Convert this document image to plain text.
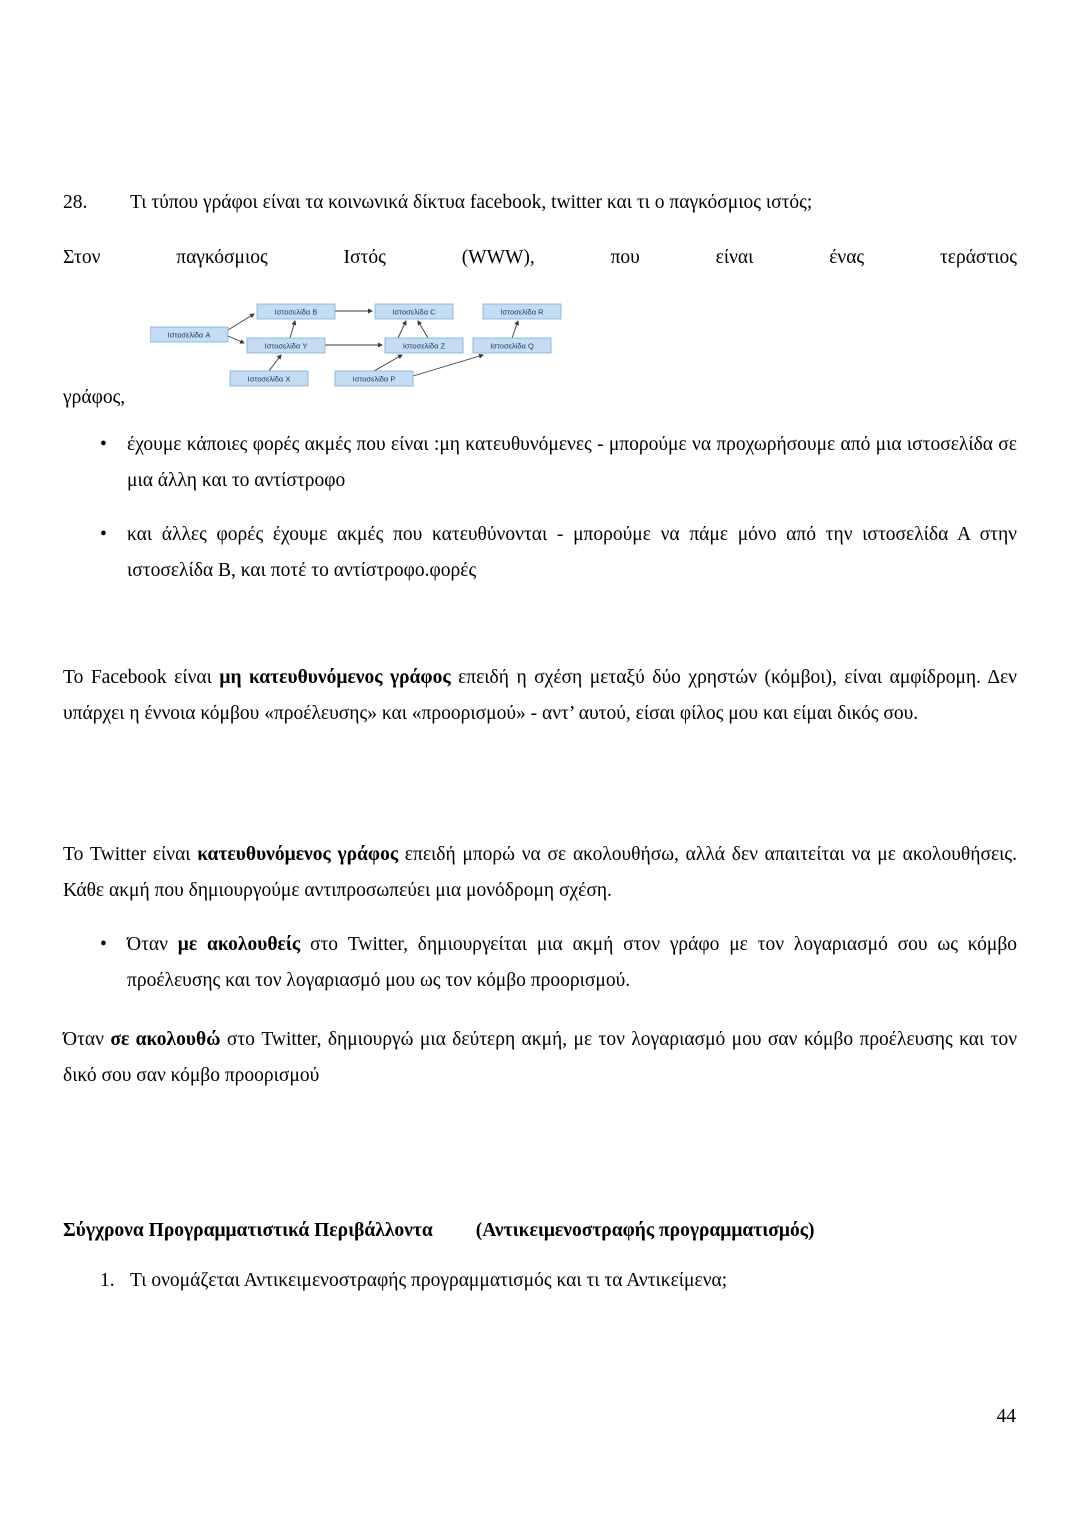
28.	Τι τύπου γράφοι είναι τα κοινωνικά δίκτυα facebook, twitter και τι ο παγκόσμιος ιστός;
Στον παγκόσμιος Ιστός (WWW), που είναι ένας τεράστιος
Ιστοσελίδα A
Ιστοσελίδα B	Ιστοσελίδα C	Ιστοσελίδα R
Ιστοσελίδα Y	Ιστοσελίδα Z	Ιστοσελίδα Q
Ιστοσελίδα X	Ιστοσελίδα P
γράφος,
•	έχουμε κάποιες φορές ακμές που είναι :μη κατευθυνόμενες - μπορούμε να προχωρήσουμε από μια ιστοσελίδα σε μια άλλη και το αντίστροφο
•	και άλλες φορές έχουμε ακμές που κατευθύνονται - μπορούμε να πάμε μόνο από την ιστοσελίδα Α στην ιστοσελίδα Β, και ποτέ το αντίστροφο.φορές
Το Facebook είναι μη κατευθυνόμενος γράφος επειδή η σχέση μεταξύ δύο χρηστών (κόμβοι), είναι αμφίδρομη. Δεν υπάρχει η έννοια κόμβου «προέλευσης» και «προορισμού» - αντ’ αυτού, είσαι φίλος μου και είμαι δικός σου.
Το Twitter είναι κατευθυνόμενος γράφος επειδή μπορώ να σε ακολουθήσω, αλλά δεν απαιτείται να με ακολουθήσεις. Κάθε ακμή που δημιουργούμε αντιπροσωπεύει μια μονόδρομη σχέση.
•	Όταν με ακολουθείς στο Twitter, δημιουργείται μια ακμή στον γράφο με τον λογαριασμό σου ως κόμβο προέλευσης και τον λογαριασμό μου ως τον κόμβο προορισμού.
Όταν σε ακολουθώ στο Twitter, δημιουργώ μια δεύτερη ακμή, με τον λογαριασμό μου σαν κόμβο προέλευσης και τον δικό σου σαν κόμβο προορισμού
Σύγχρονα Προγραμματιστικά Περιβάλλοντα (Αντικειμενοστραφής προγραμματισμός)
1. Τι ονομάζεται Αντικειμενοστραφής προγραμματισμός και τι τα Αντικείμενα;
44
